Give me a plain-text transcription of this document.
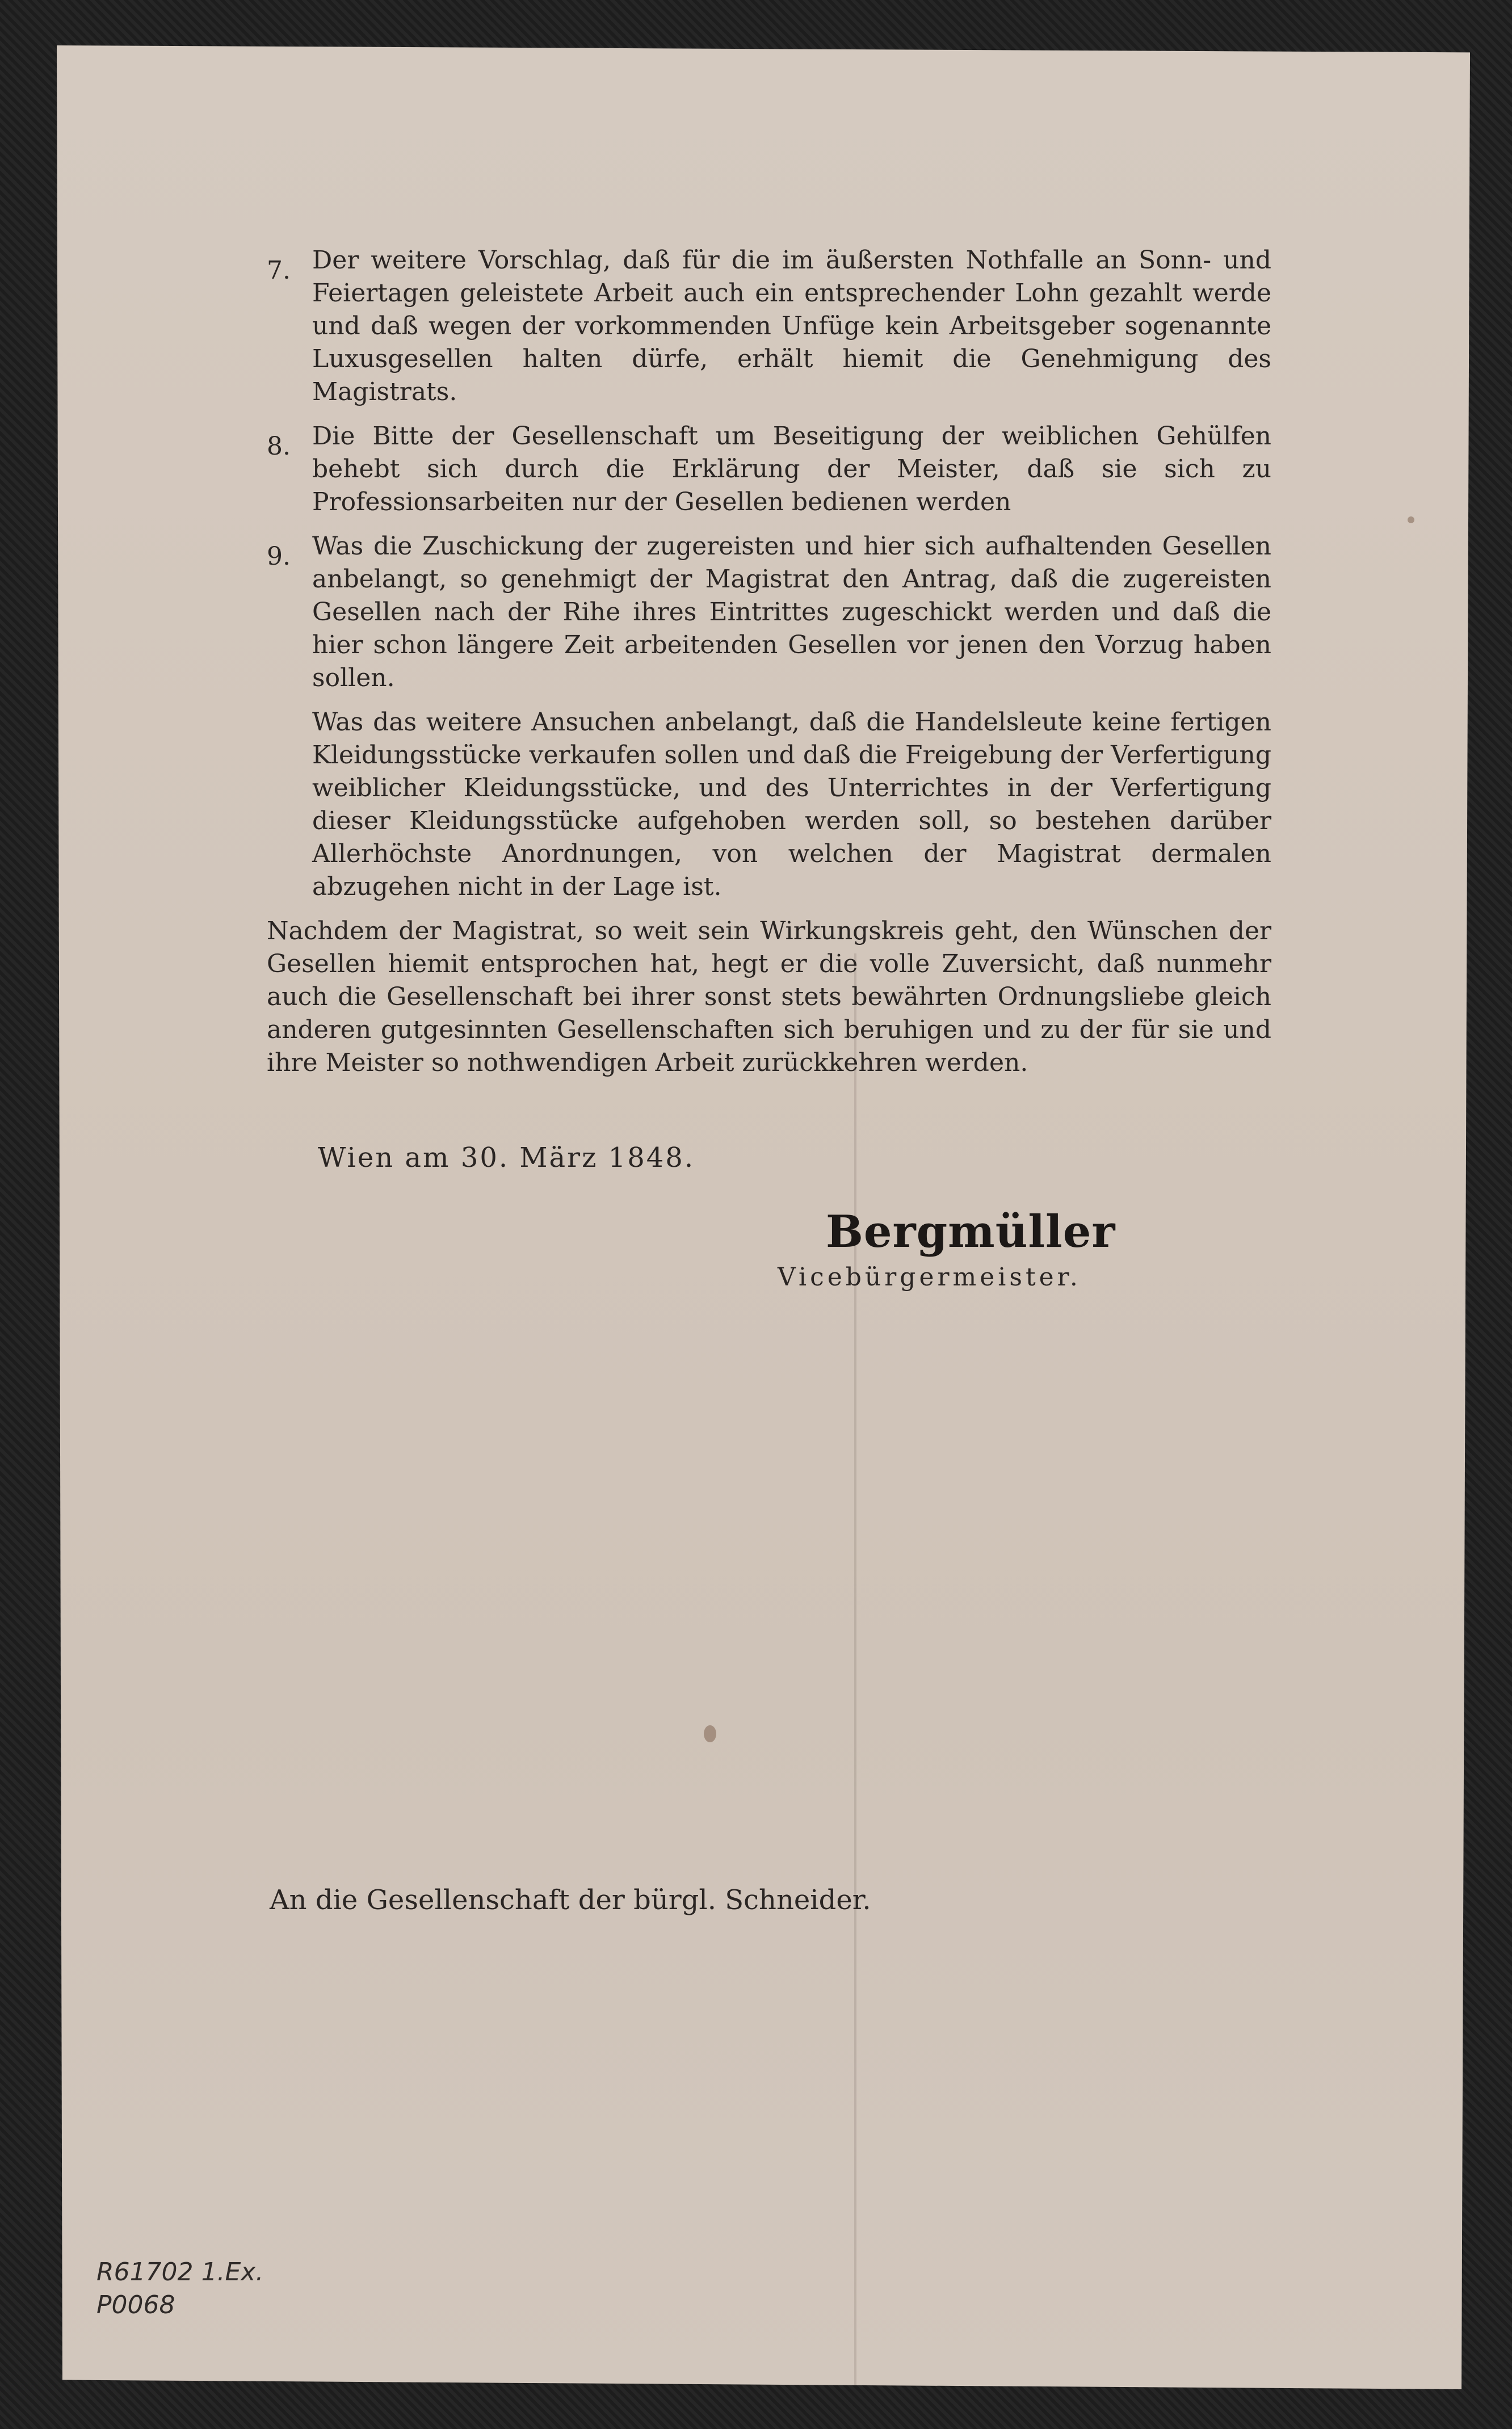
7. Der weitere Vorschlag, daß für die im äußersten Nothfalle an Sonn- und Feiertagen geleistete Arbeit auch ein entsprechender Lohn gezahlt werde und daß wegen der vorkommenden Unfüge kein Arbeitsgeber sogenannte Luxusgesellen halten dürfe, erhält hiemit die Genehmigung des Magistrats.
8. Die Bitte der Gesellenschaft um Beseitigung der weiblichen Gehülfen behebt sich durch die Erklärung der Meister, daß sie sich zu Professionsarbeiten nur der Gesellen bedienen werden
9. Was die Zuschickung der zugereisten und hier sich aufhaltenden Gesellen anbelangt, so genehmigt der Magistrat den Antrag, daß die zugereisten Gesellen nach der Rihe ihres Eintrittes zugeschickt werden und daß die hier schon längere Zeit arbeitenden Gesellen vor jenen den Vorzug haben sollen.
Was das weitere Ansuchen anbelangt, daß die Handelsleute keine fertigen Kleidungsstücke verkaufen sollen und daß die Freigebung der Verfertigung weiblicher Kleidungsstücke, und des Unterrichtes in der Verfertigung dieser Kleidungsstücke aufgehoben werden soll, so bestehen darüber Allerhöchste Anordnungen, von welchen der Magistrat dermalen abzugehen nicht in der Lage ist.
Nachdem der Magistrat, so weit sein Wirkungskreis geht, den Wünschen der Gesellen hiemit entsprochen hat, hegt er die volle Zuversicht, daß nunmehr auch die Gesellenschaft bei ihrer sonst stets bewährten Ordnungsliebe gleich anderen gutgesinnten Gesellenschaften sich beruhigen und zu der für sie und ihre Meister so nothwendigen Arbeit zurückkehren werden.
Wien am 30. März 1848.
Bergmüller
Vicebürgermeister.
An die Gesellenschaft der bürgl. Schneider.
R61702 1.Ex.
P0068
